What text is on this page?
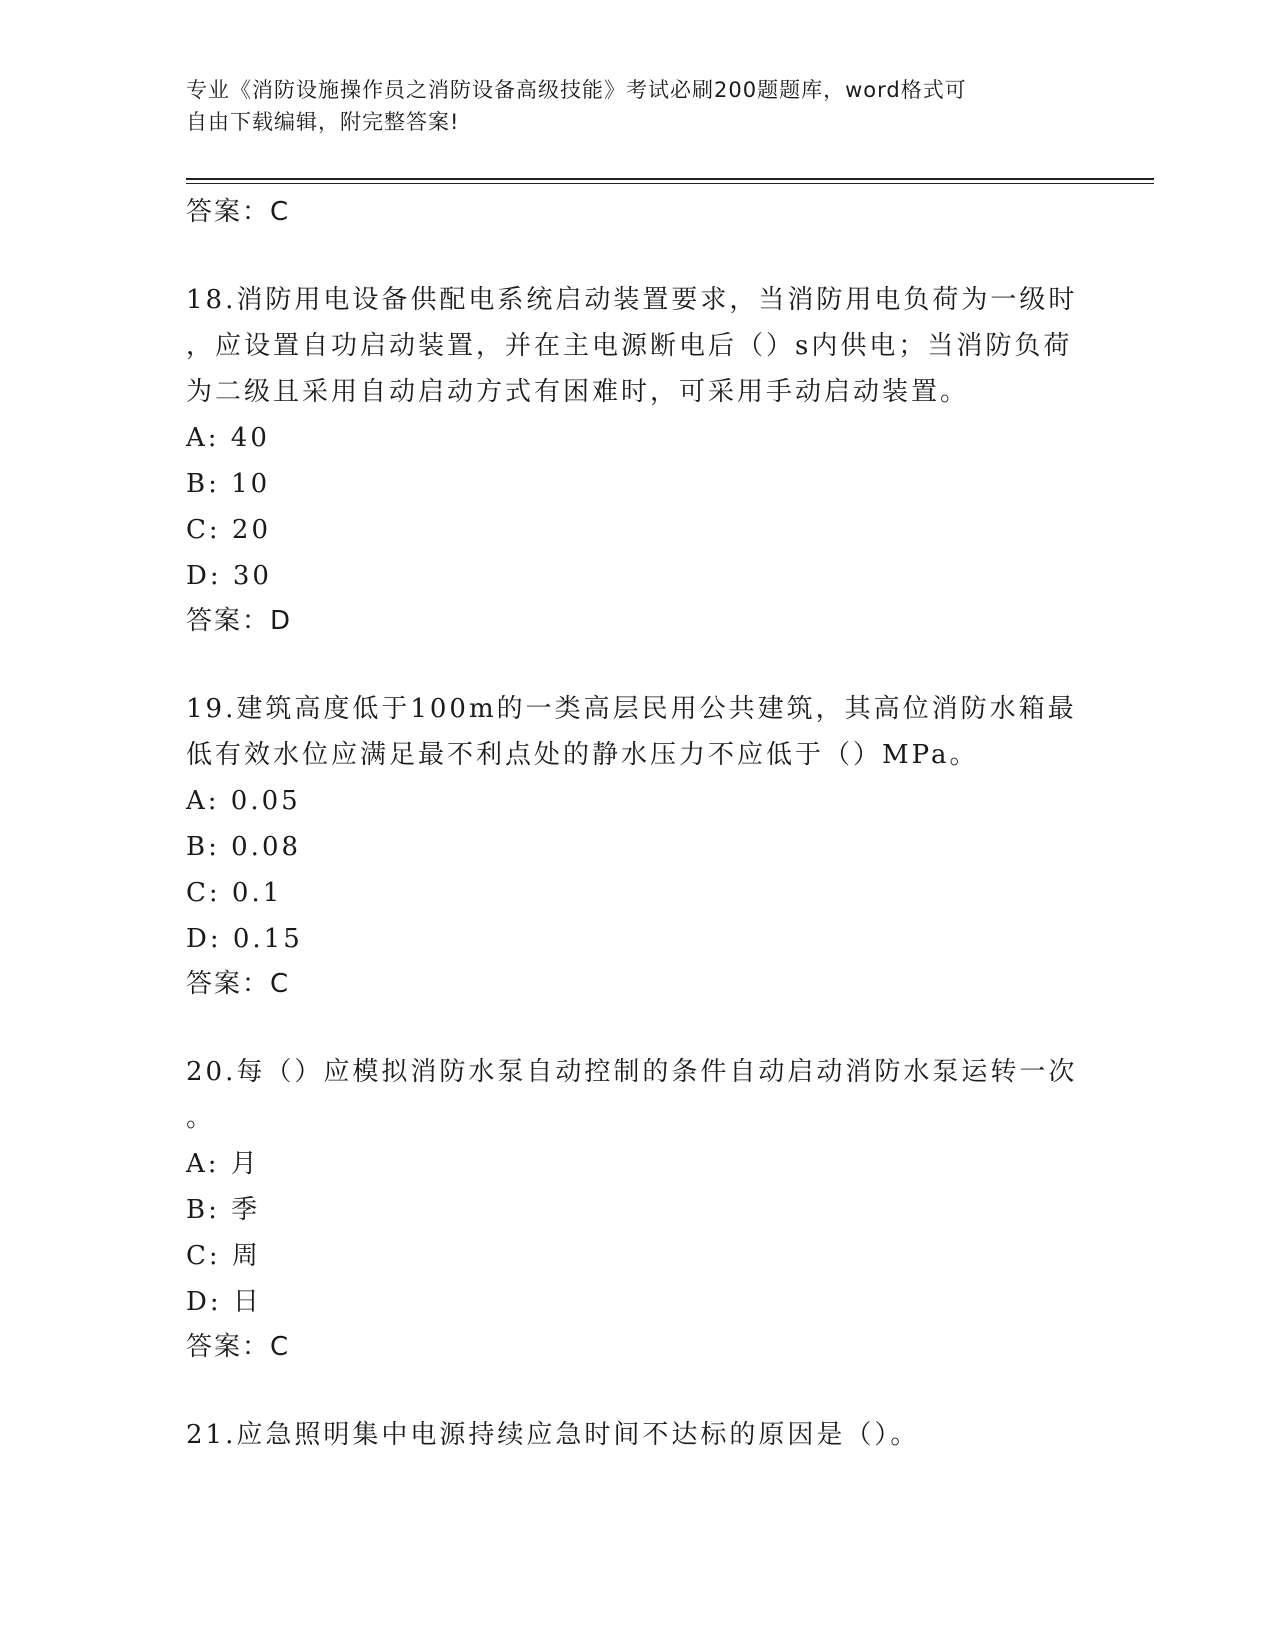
专业《消防设施操作员之消防设备高级技能》考试必刷200题题库，word格式可
自由下载编辑，附完整答案!
答案：C
18.消防用电设备供配电系统启动装置要求，当消防用电负荷为一级时
，应设置自功启动装置，并在主电源断电后（）s内供电；当消防负荷
为二级且采用自动启动方式有困难时，可采用手动启动装置。
A: 40
B: 10
C: 20
D: 30
答案：D
19.建筑高度低于100m的一类高层民用公共建筑，其高位消防水箱最
低有效水位应满足最不利点处的静水压力不应低于（）MPa。
A: 0.05
B: 0.08
C: 0.1
D: 0.15
答案：C
20.每（）应模拟消防水泵自动控制的条件自动启动消防水泵运转一次
。
A: 月
B: 季
C: 周
D: 日
答案：C
21.应急照明集中电源持续应急时间不达标的原因是（）。
